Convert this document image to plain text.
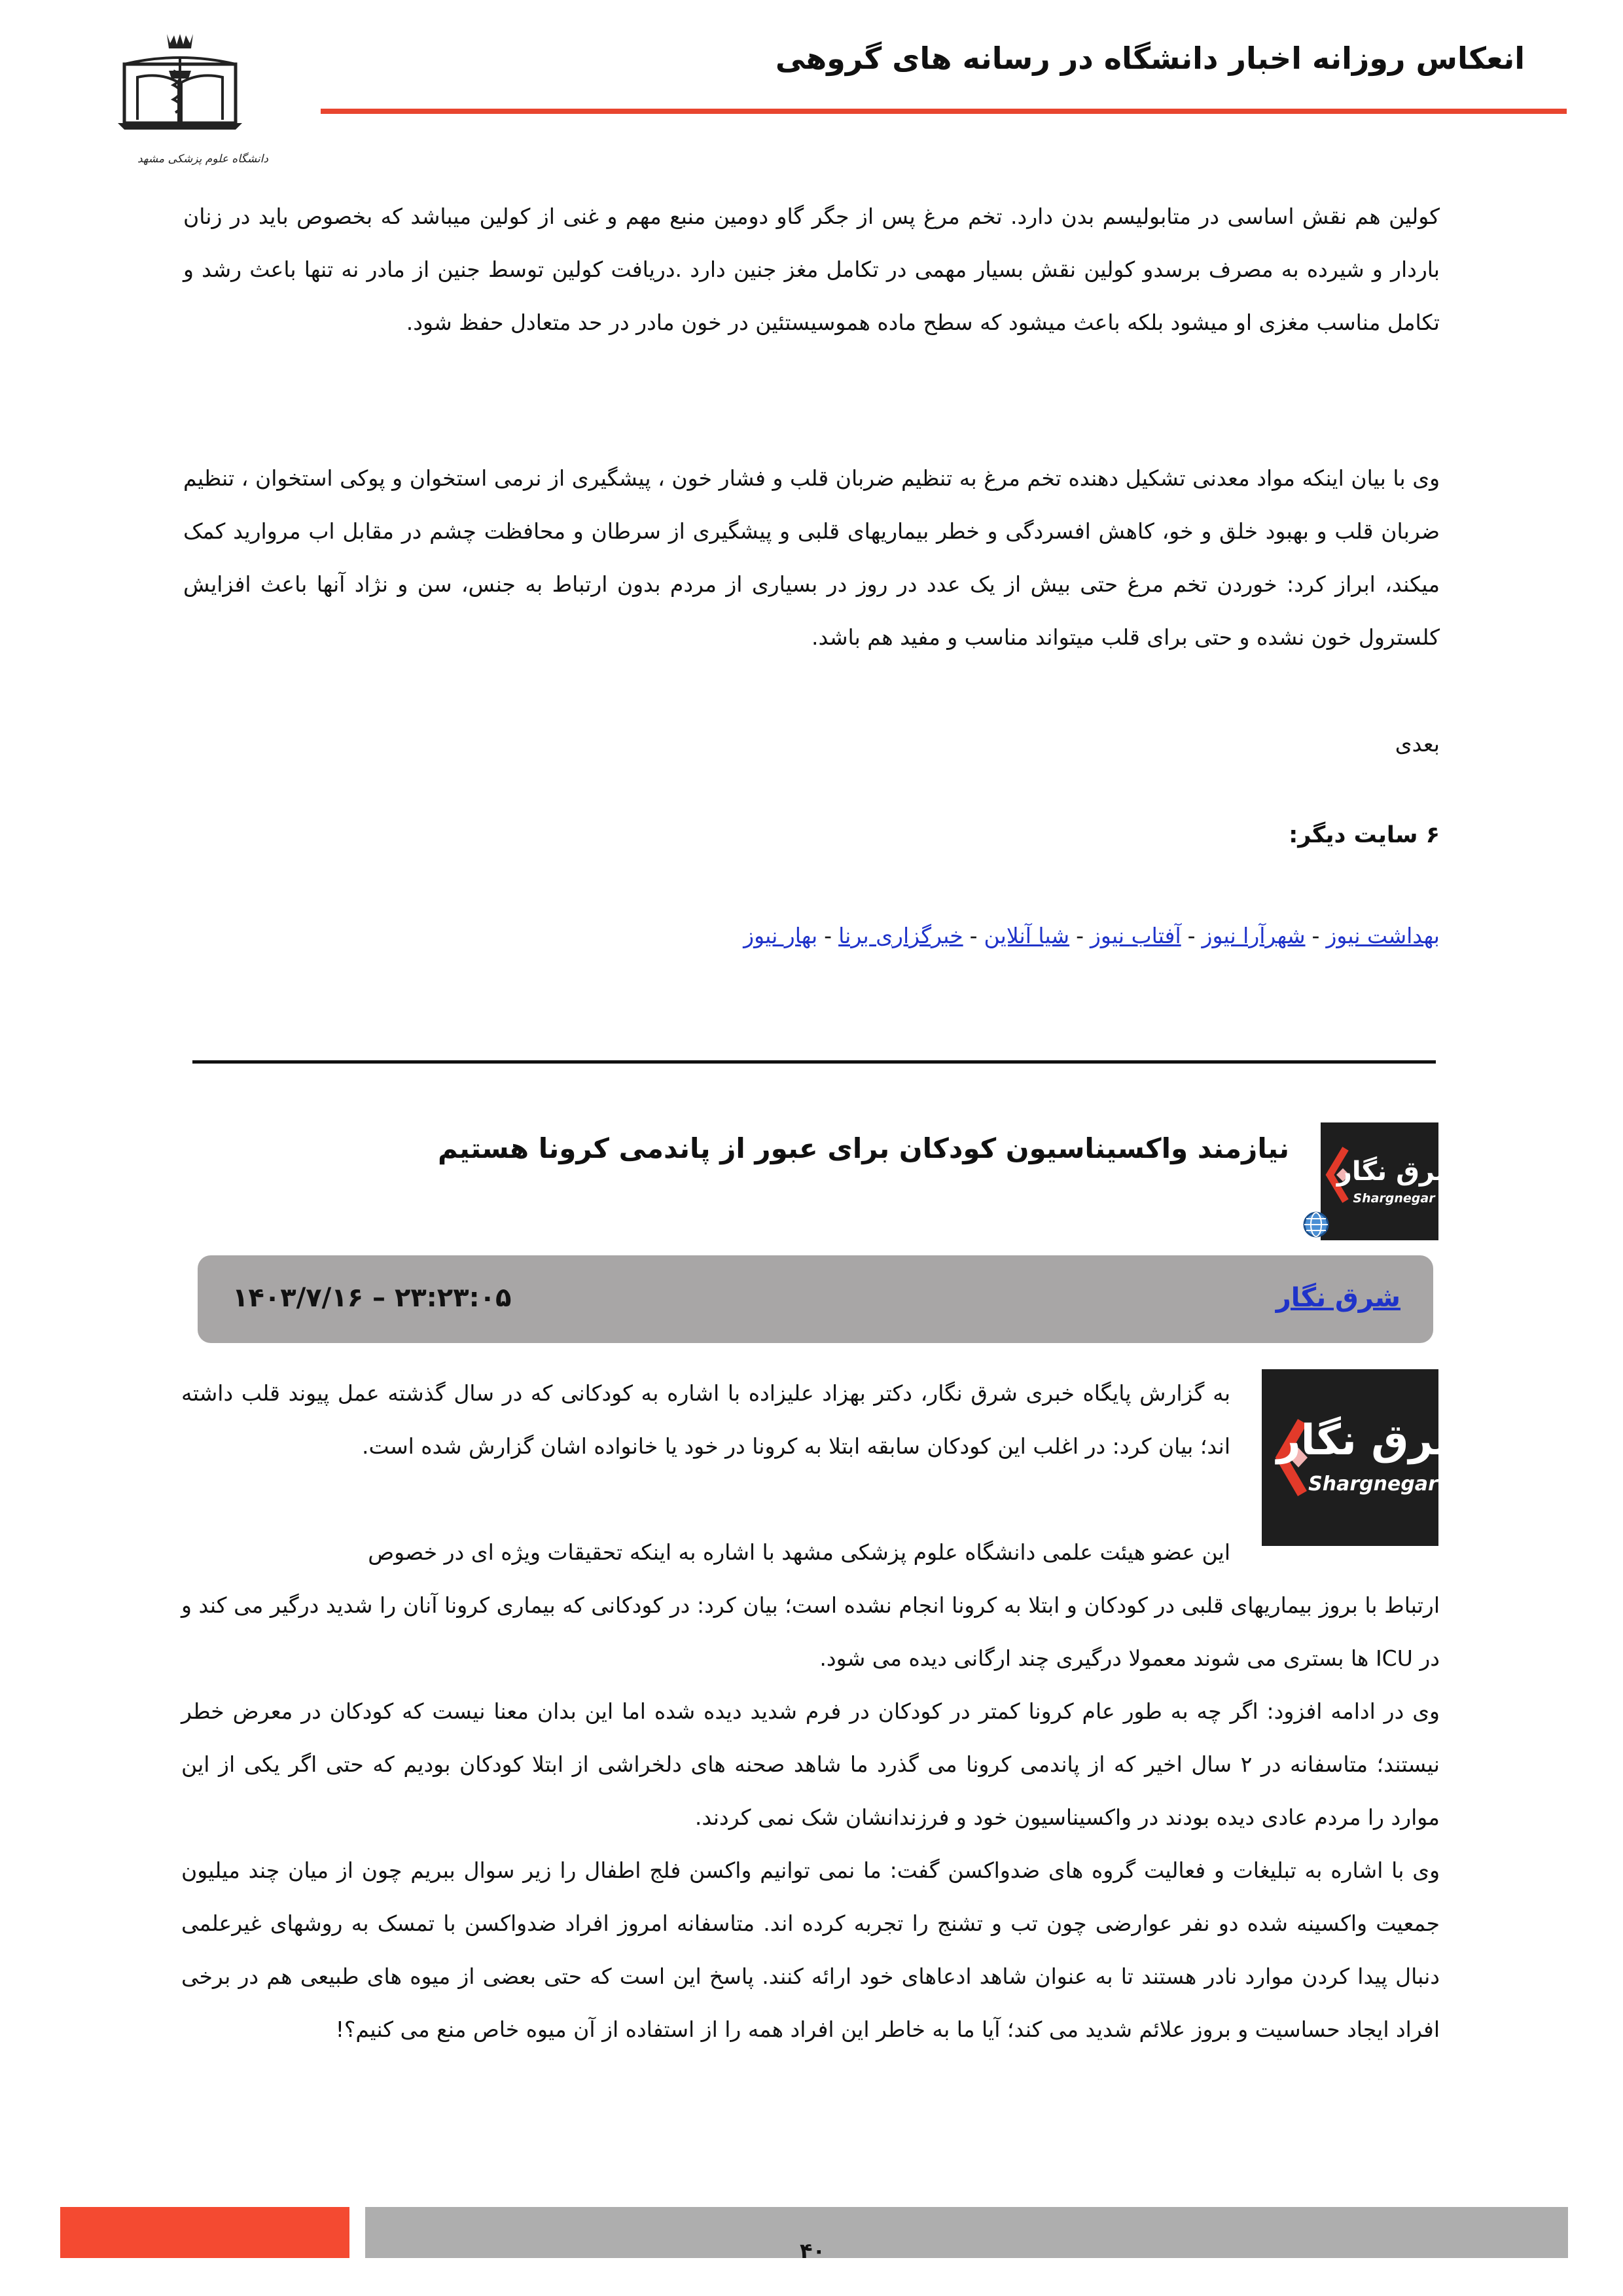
انعکاس روزانه اخبار دانشگاه در رسانه های گروهی
دانشگاه علوم پزشکی مشهد
کولین هم نقش اساسی در متابولیسم بدن دارد. تخم مرغ پس از جگر گاو دومین منبع مهم و غنی از کولین میباشد که بخصوص باید در زنان باردار و شیرده به مصرف برسدو کولین نقش بسیار مهمی در تکامل مغز جنین دارد .دریافت کولین توسط جنین از مادر نه تنها باعث رشد و تکامل مناسب مغزی او میشود بلکه باعث میشود که سطح ماده هموسیستئین در خون مادر در حد متعادل حفظ شود.
وی با بیان اینکه مواد معدنی تشکیل دهنده تخم مرغ به تنظیم ضربان قلب و فشار خون ، پیشگیری از نرمی استخوان و پوکی استخوان ، تنظیم ضربان قلب و بهبود خلق و خو، کاهش افسردگی و خطر بیماریهای قلبی و پیشگیری از سرطان و محافظت چشم در مقابل اب مروارید کمک میکند، ابراز کرد: خوردن تخم مرغ حتی بیش از یک عدد در روز در بسیاری از مردم بدون ارتباط به جنس، سن و نژاد آنها باعث افزایش کلسترول خون نشده و حتی برای قلب میتواند مناسب و مفید هم باشد.
بعدی
۶ سایت دیگر:
بهداشت نیوز-شهرآرا نیوز-آفتاب نیوز-شیا آنلاین-خبرگزاری برنا-بهار نیوز
شرق نگار
Shargnegar
نیازمند واکسیناسیون کودکان برای عبور از پاندمی کرونا هستیم
شرق نگار
۱۴۰۳/۷/۱۶ – ۲۳:۲۳:۰۵
شرق نگار
Shargnegar
به گزارش پایگاه خبری شرق نگار، دکتر بهزاد علیزاده با اشاره به کودکانی که در سال گذشته عمل پیوند قلب داشته اند؛ بیان کرد: در اغلب این کودکان سابقه ابتلا به کرونا در خود یا خانواده اشان گزارش شده است.
این عضو هیئت علمی دانشگاه علوم پزشکی مشهد با اشاره به اینکه تحقیقات ویژه ای در خصوص
ارتباط با بروز بیماریهای قلبی در کودکان و ابتلا به کرونا انجام نشده است؛ بیان کرد: در کودکانی که بیماری کرونا آنان را شدید درگیر می کند و در ICU ها بستری می شوند معمولا درگیری چند ارگانی دیده می شود.
وی در ادامه افزود: اگر چه به طور عام کرونا کمتر در کودکان در فرم شدید دیده شده اما این بدان معنا نیست که کودکان در معرض خطر نیستند؛ متاسفانه در ۲ سال اخیر که از پاندمی کرونا می گذرد ما شاهد صحنه های دلخراشی از ابتلا کودکان بودیم که حتی اگر یکی از این موارد را مردم عادی دیده بودند در واکسیناسیون خود و فرزندانشان شک نمی کردند.
وی با اشاره به تبلیغات و فعالیت گروه های ضدواکسن گفت: ما نمی توانیم واکسن فلج اطفال را زیر سوال ببریم چون از میان چند میلیون جمعیت واکسینه شده دو نفر عوارضی چون تب و تشنج را تجربه کرده اند. متاسفانه امروز افراد ضدواکسن با تمسک به روشهای غیرعلمی دنبال پیدا کردن موارد نادر هستند تا به عنوان شاهد ادعاهای خود ارائه کنند. پاسخ این است که حتی بعضی از میوه های طبیعی هم در برخی افراد ایجاد حساسیت و بروز علائم شدید می کند؛ آیا ما به خاطر این افراد همه را از استفاده از آن میوه خاص منع می کنیم؟!
۴۰
